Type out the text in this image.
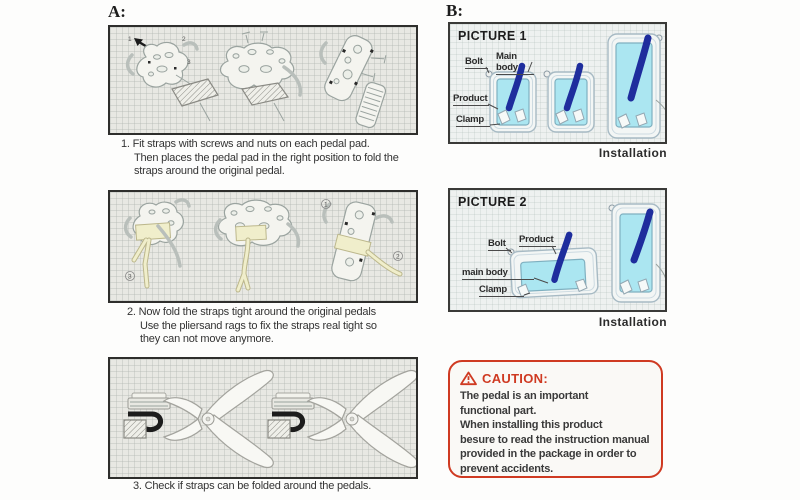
A:
1	2
3
1. Fit straps with screws and nuts on each pedal pad.
Then places the pedal pad in the right position to fold the
straps around the original pedal.
3
1
2
2. Now fold the straps tight around the original pedals
Use the pliersand rags to fix the straps real tight so
they can not move anymore.
3. Check if straps can be folded around the pedals.
B:
PICTURE 1
Bolt	Main body
Product
Clamp
Installation
PICTURE 2
Bolt	Product
main body
Clamp
Installation
CAUTION:
The pedal is an important
functional part.
When installing this product
besure to read the instruction manual
provided in the package in order to
prevent accidents.
